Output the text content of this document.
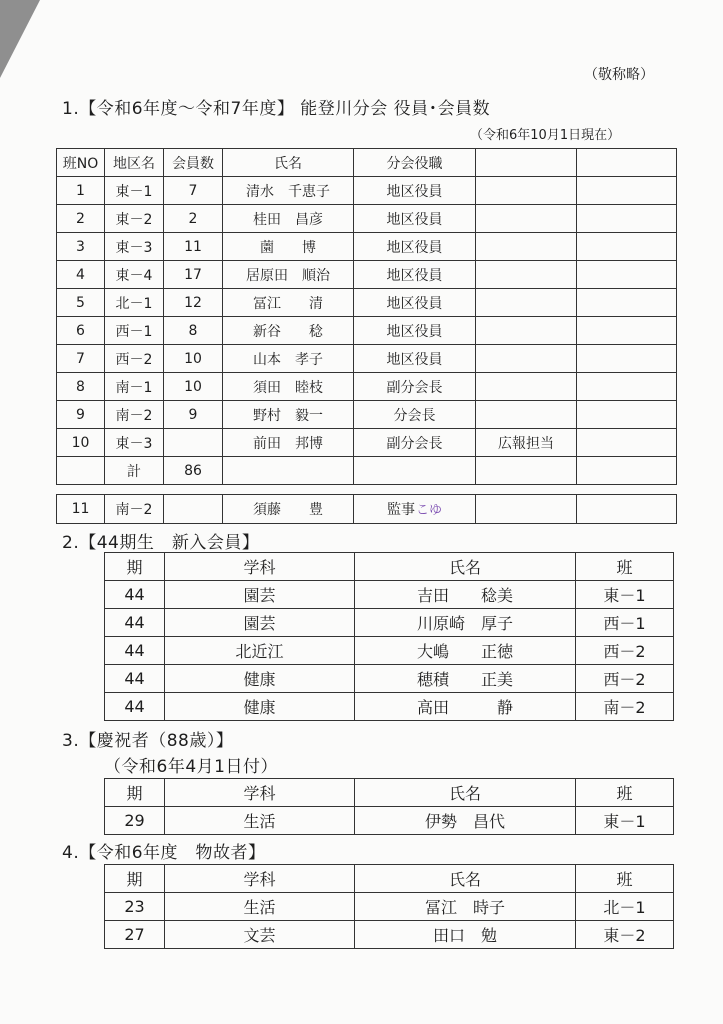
（敬称略）
1.【令和6年度～令和7年度】 能登川分会 役員･会員数
（令和6年10月1日現在）
班NO	地区名	会員数	氏名	分会役職		
1	東－1	7	清水　千恵子	地区役員		
2	東－2	2	桂田　昌彦	地区役員		
3	東－3	11	薗　　博	地区役員		
4	東－4	17	居原田　順治	地区役員		
5	北－1	12	冨江　　清	地区役員		
6	西－1	8	新谷　　稔	地区役員		
7	西－2	10	山本　孝子	地区役員		
8	南－1	10	須田　睦枝	副分会長		
9	南－2	9	野村　毅一	分会長		
10	東－3		前田　邦博	副分会長	広報担当	
	計	86				
11	南－2		須藤　　豊	監事こゆ		
2.【44期生　新入会員】
期	学科	氏名	班
44	園芸	吉田　　稔美	東－1
44	園芸	川原崎　厚子	西－1
44	北近江	大嶋　　正徳	西－2
44	健康	穂積　　正美	西－2
44	健康	高田　　　静	南－2
3.【慶祝者（88歳）】
（令和6年4月1日付）
期	学科	氏名	班
29	生活	伊勢　昌代	東－1
4.【令和6年度　物故者】
期	学科	氏名	班
23	生活	冨江　時子	北－1
27	文芸	田口　勉	東－2
